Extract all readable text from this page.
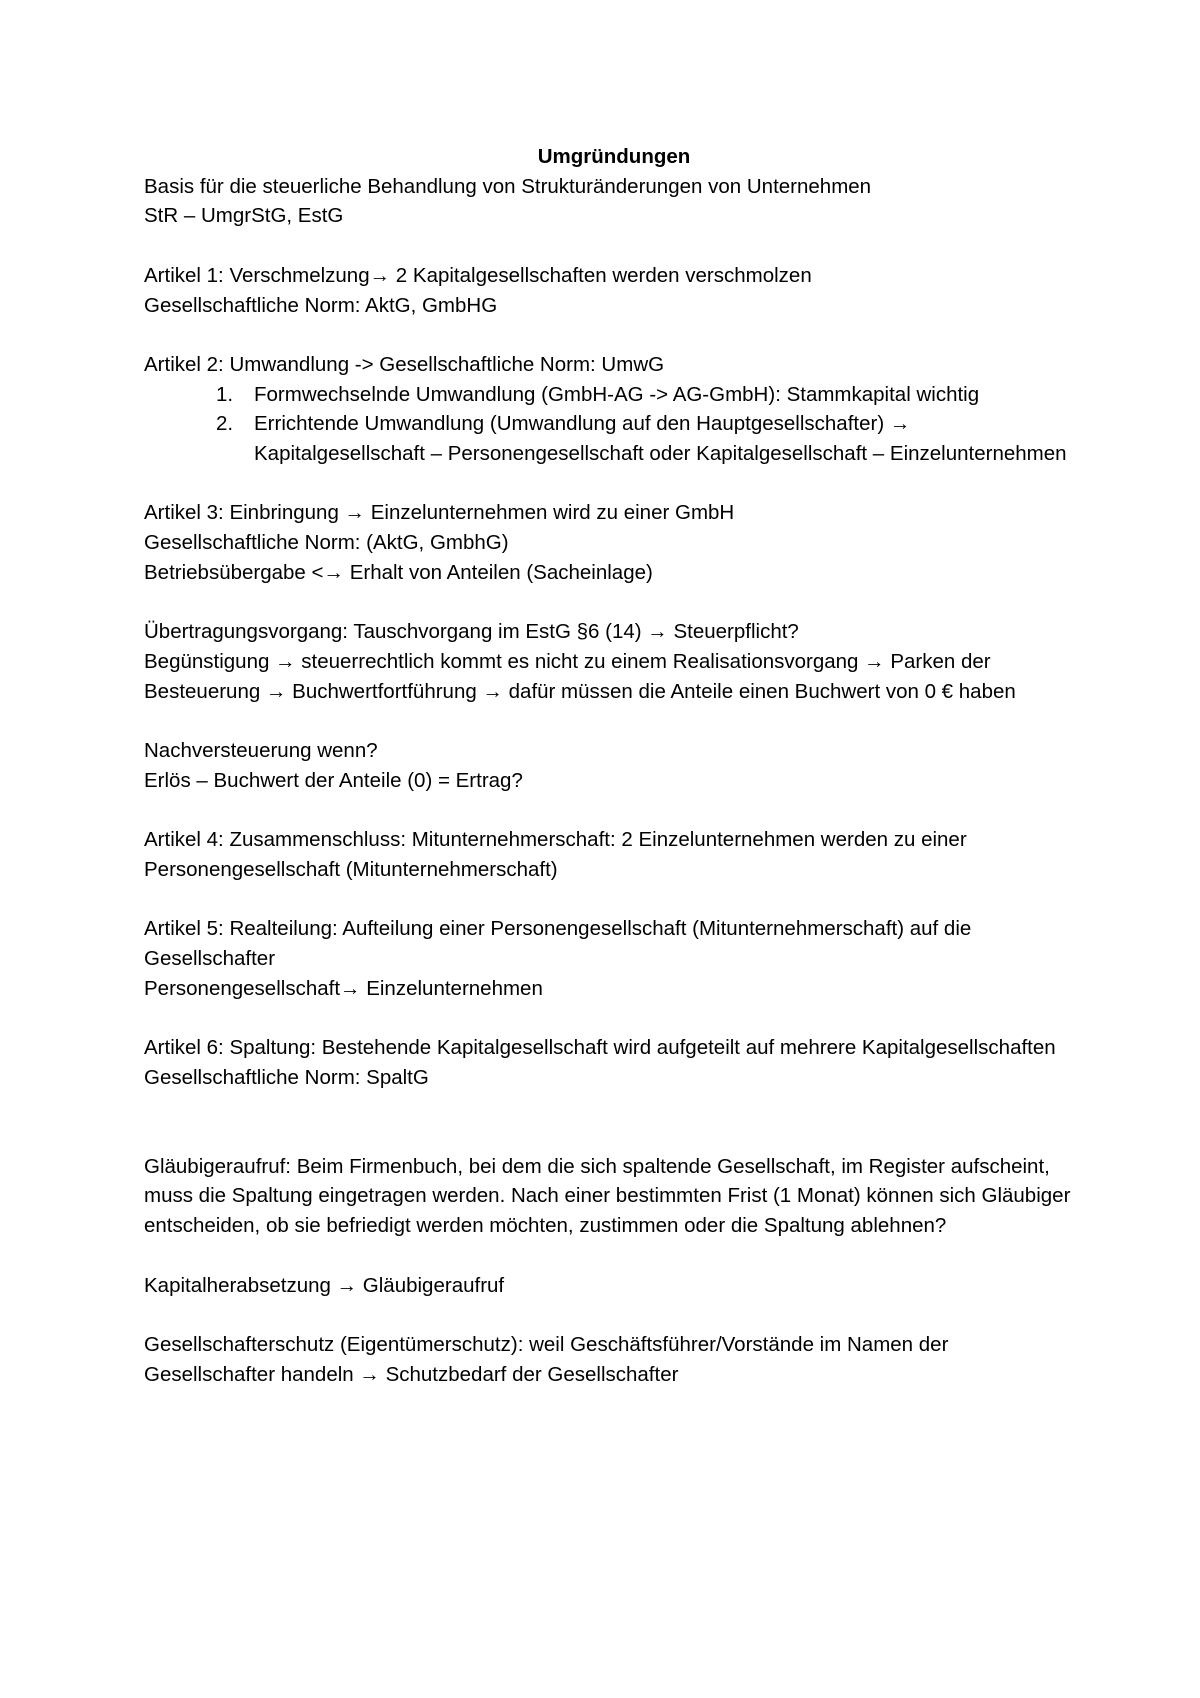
Umgründungen

Basis für die steuerliche Behandlung von Strukturänderungen von Unternehmen

StR – UmgrStG, EstG

Artikel 1: Verschmelzung→ 2 Kapitalgesellschaften werden verschmolzen

Gesellschaftliche Norm: AktG, GmbHG

Artikel 2: Umwandlung -> Gesellschaftliche Norm: UmwG

1. Formwechselnde Umwandlung (GmbH-AG -> AG-GmbH): Stammkapital wichtig
2. Errichtende Umwandlung (Umwandlung auf den Hauptgesellschafter) → Kapitalgesellschaft – Personengesellschaft oder Kapitalgesellschaft – Einzelunternehmen

Artikel 3: Einbringung → Einzelunternehmen wird zu einer GmbH

Gesellschaftliche Norm: (AktG, GmbhG)

Betriebsübergabe <→ Erhalt von Anteilen (Sacheinlage)

Übertragungsvorgang: Tauschvorgang im EstG §6 (14) → Steuerpflicht?

Begünstigung → steuerrechtlich kommt es nicht zu einem Realisationsvorgang → Parken der Besteuerung → Buchwertfortführung → dafür müssen die Anteile einen Buchwert von 0 € haben

Nachversteuerung wenn?

Erlös – Buchwert der Anteile (0) = Ertrag?

Artikel 4: Zusammenschluss: Mitunternehmerschaft: 2 Einzelunternehmen werden zu einer Personengesellschaft (Mitunternehmerschaft)

Artikel 5: Realteilung: Aufteilung einer Personengesellschaft (Mitunternehmerschaft) auf die Gesellschafter

Personengesellschaft→ Einzelunternehmen

Artikel 6: Spaltung: Bestehende Kapitalgesellschaft wird aufgeteilt auf mehrere Kapitalgesellschaften

Gesellschaftliche Norm: SpaltG

Gläubigeraufruf: Beim Firmenbuch, bei dem die sich spaltende Gesellschaft, im Register aufscheint, muss die Spaltung eingetragen werden. Nach einer bestimmten Frist (1 Monat) können sich Gläubiger entscheiden, ob sie befriedigt werden möchten, zustimmen oder die Spaltung ablehnen?

Kapitalherabsetzung → Gläubigeraufruf

Gesellschafterschutz (Eigentümerschutz): weil Geschäftsführer/Vorstände im Namen der Gesellschafter handeln → Schutzbedarf der Gesellschafter
